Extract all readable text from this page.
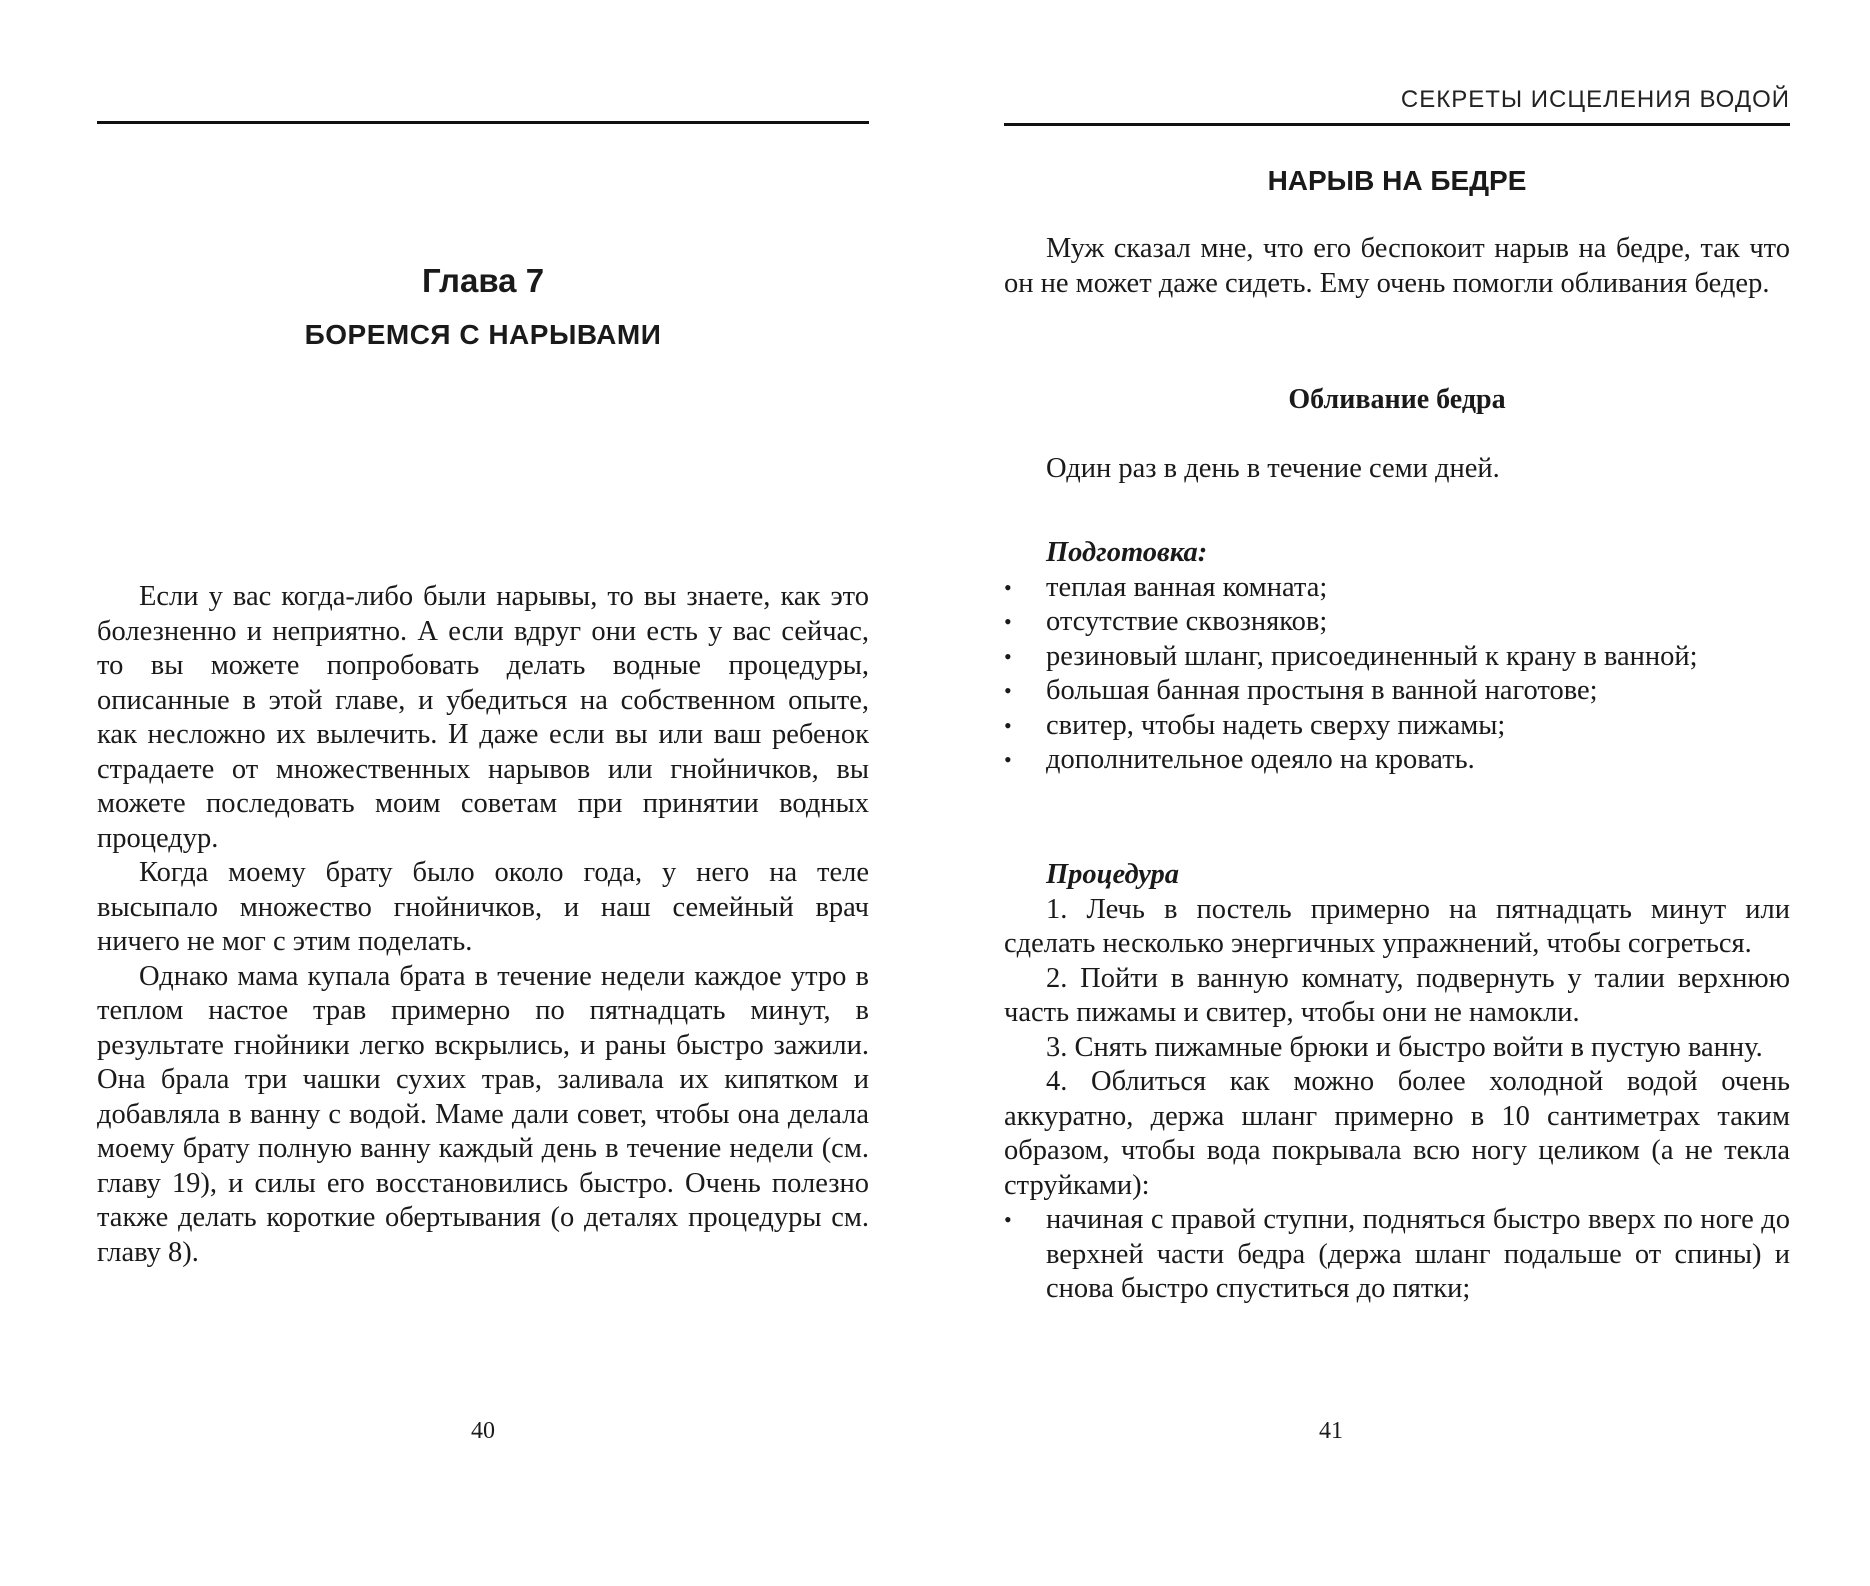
Глава 7
БОРЕМСЯ С НАРЫВАМИ

Если у вас когда-либо были нарывы, то вы знаете, как это болезненно и неприятно. А если вдруг они есть у вас сейчас, то вы можете попробовать делать водные процедуры, описанные в этой главе, и убедиться на собственном опыте, как несложно их вылечить. И даже если вы или ваш ребенок страдаете от множественных нарывов или гнойничков, вы можете последовать моим советам при принятии водных процедур.

Когда моему брату было около года, у него на теле высыпало множество гнойничков, и наш семейный врач ничего не мог с этим поделать.

Однако мама купала брата в течение недели каждое утро в теплом настое трав примерно по пятнадцать минут, в результате гнойники легко вскрылись, и раны быстро зажили. Она брала три чашки сухих трав, заливала их кипятком и добавляла в ванну с водой. Маме дали совет, чтобы она делала моему брату полную ванну каждый день в течение недели (см. главу 19), и силы его восстановились быстро. Очень полезно также делать короткие обертывания (о деталях процедуры см. главу 8).

40
СЕКРЕТЫ ИСЦЕЛЕНИЯ ВОДОЙ
НАРЫВ НА БЕДРЕ

Муж сказал мне, что его беспокоит нарыв на бедре, так что он не может даже сидеть. Ему очень помогли обливания бедер.

Обливание бедра

Один раз в день в течение семи дней.

Подготовка:
• теплая ванная комната;
• отсутствие сквозняков;
• резиновый шланг, присоединенный к крану в ванной;
• большая банная простыня в ванной наготове;
• свитер, чтобы надеть сверху пижамы;
• дополнительное одеяло на кровать.
Процедура

1. Лечь в постель примерно на пятнадцать минут или сделать несколько энергичных упражнений, чтобы согреться.

2. Пойти в ванную комнату, подвернуть у талии верхнюю часть пижамы и свитер, чтобы они не намокли.

3. Снять пижамные брюки и быстро войти в пустую ванну.

4. Облиться как можно более холодной водой очень аккуратно, держа шланг примерно в 10 сантиметрах таким образом, чтобы вода покрывала всю ногу целиком (а не текла струйками):

• начиная с правой ступни, подняться быстро вверх по ноге до верхней части бедра (держа шланг подальше от спины) и снова быстро спуститься до пятки;
41
